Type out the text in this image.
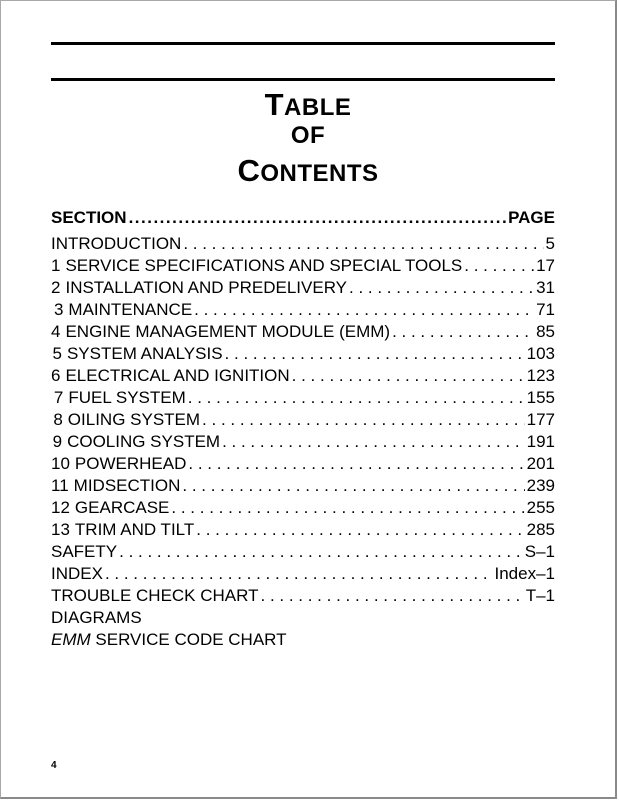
TABLE
OF
CONTENTS
SECTION .....	PAGE
INTRODUCTION . . .	5
1 SERVICE SPECIFICATIONS AND SPECIAL TOOLS . . .	17
2 INSTALLATION AND PREDELIVERY . . .	31
3 MAINTENANCE . . .	71
4 ENGINE MANAGEMENT MODULE (EMM) . . .	85
5 SYSTEM ANALYSIS . . .	103
6 ELECTRICAL AND IGNITION . . .	123
7 FUEL SYSTEM . . .	155
8 OILING SYSTEM . . .	177
9 COOLING SYSTEM . . .	191
10 POWERHEAD . . .	201
11 MIDSECTION . . .	239
12 GEARCASE . . .	255
13 TRIM AND TILT . . .	285
SAFETY . . .	S–1
INDEX . . .	Index–1
TROUBLE CHECK CHART . . .	T–1
DIAGRAMS
EMM SERVICE CODE CHART
4
